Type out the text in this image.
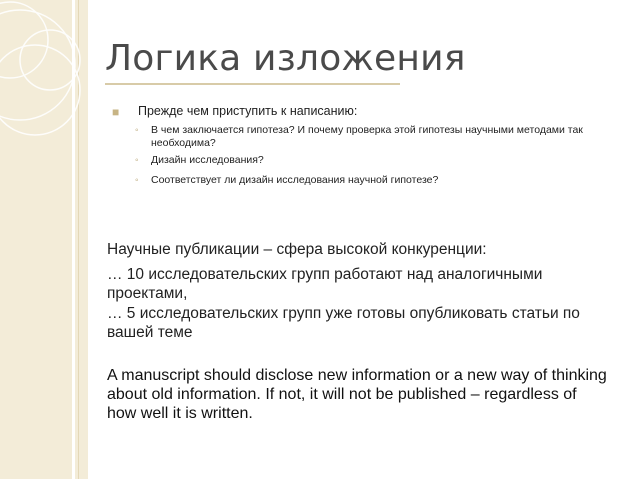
Логика изложения
■ Прежде чем приступить к написанию:
◦ В чем заключается гипотеза? И почему проверка этой гипотезы научными методами так необходима?
◦ Дизайн исследования?
◦ Соответствует ли дизайн исследования научной гипотезе?
Научные публикации – сфера высокой конкуренции:
… 10 исследовательских групп работают над аналогичными проектами,
… 5 исследовательских групп уже готовы опубликовать статьи по вашей теме
A manuscript should disclose new information or a new way of thinking about old information. If not, it will not be published – regardless of how well it is written.
